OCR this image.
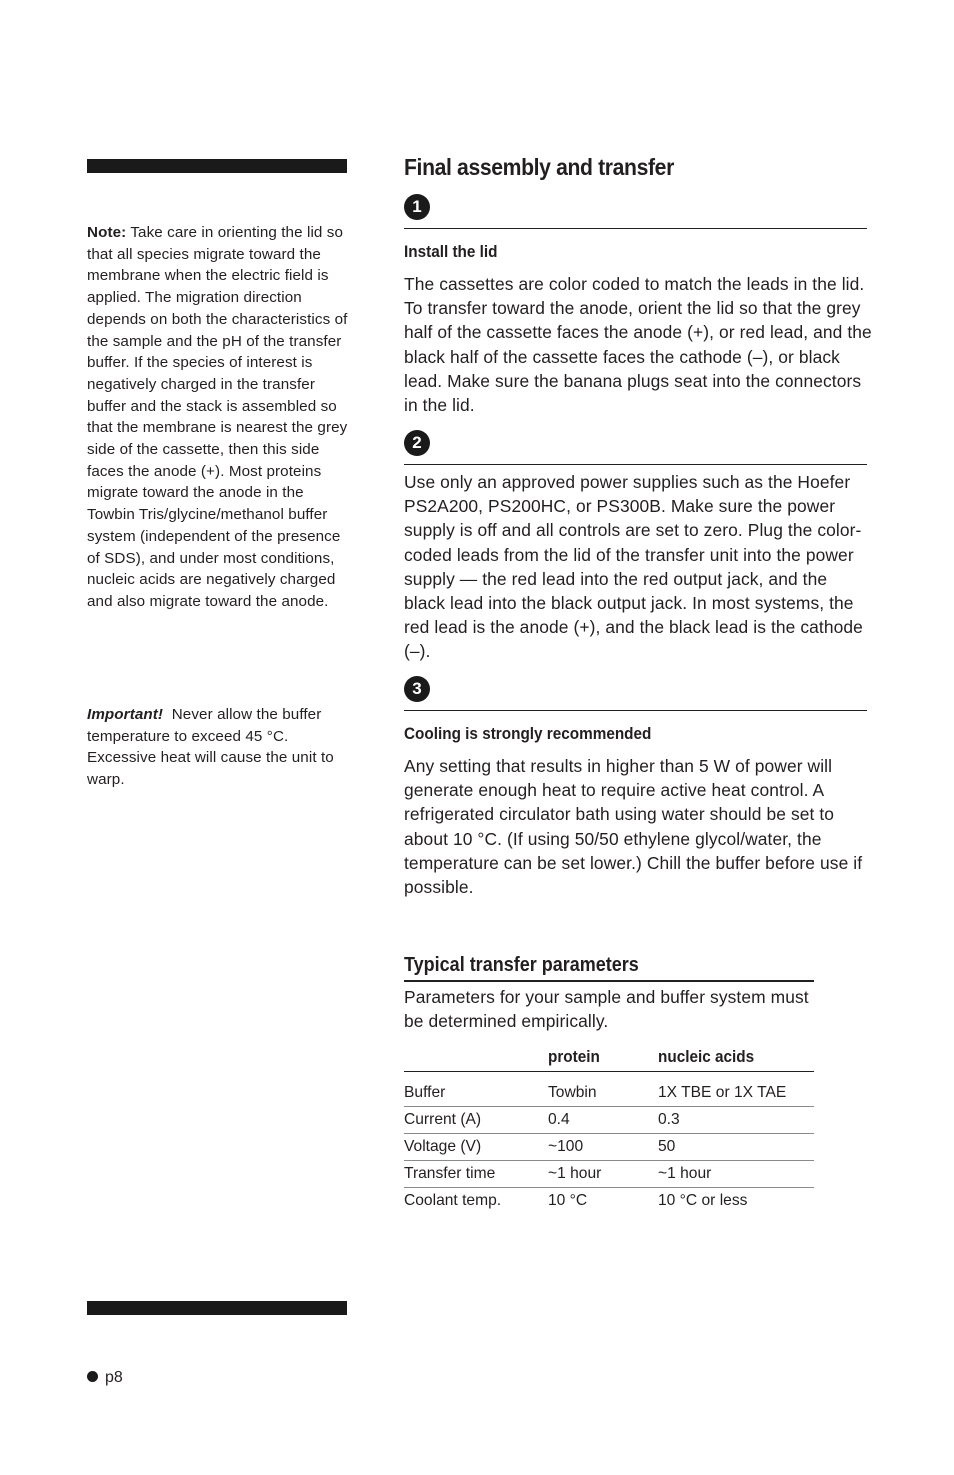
Note: Take care in orienting the lid so that all species migrate toward the membrane when the electric field is applied. The migration direction depends on both the characteristics of the sample and the pH of the transfer buffer. If the species of interest is negatively charged in the transfer buffer and the stack is assembled so that the membrane is nearest the grey side of the cassette, then this side faces the anode (+). Most proteins migrate toward the anode in the Towbin Tris/glycine/methanol buffer system (independent of the presence of SDS), and under most conditions, nucleic acids are negatively charged and also migrate toward the anode.
Important! Never allow the buffer temperature to exceed 45 °C. Excessive heat will cause the unit to warp.
Final assembly and transfer
1
Install the lid
The cassettes are color coded to match the leads in the lid. To transfer toward the anode, orient the lid so that the grey half of the cassette faces the anode (+), or red lead, and the black half of the cassette faces the cathode (–), or black lead. Make sure the banana plugs seat into the connectors in the lid.
2
Use only an approved power supplies such as the Hoefer PS2A200, PS200HC, or PS300B. Make sure the power supply is off and all controls are set to zero. Plug the color-coded leads from the lid of the transfer unit into the power supply — the red lead into the red output jack, and the black lead into the black output jack. In most systems, the red lead is the anode (+), and the black lead is the cathode (–).
3
Cooling is strongly recommended
Any setting that results in higher than 5 W of power will generate enough heat to require active heat control. A refrigerated circulator bath using water should be set to about 10 °C. (If using 50/50 ethylene glycol/water, the temperature can be set lower.) Chill the buffer before use if possible.
Typical transfer parameters
Parameters for your sample and buffer system must be determined empirically.
	protein	nucleic acids
Buffer	Towbin	1X TBE or 1X TAE
Current (A)	0.4	0.3
Voltage (V)	~100	50
Transfer time	~1 hour	~1 hour
Coolant temp.	10 °C	10 °C or less
p8
